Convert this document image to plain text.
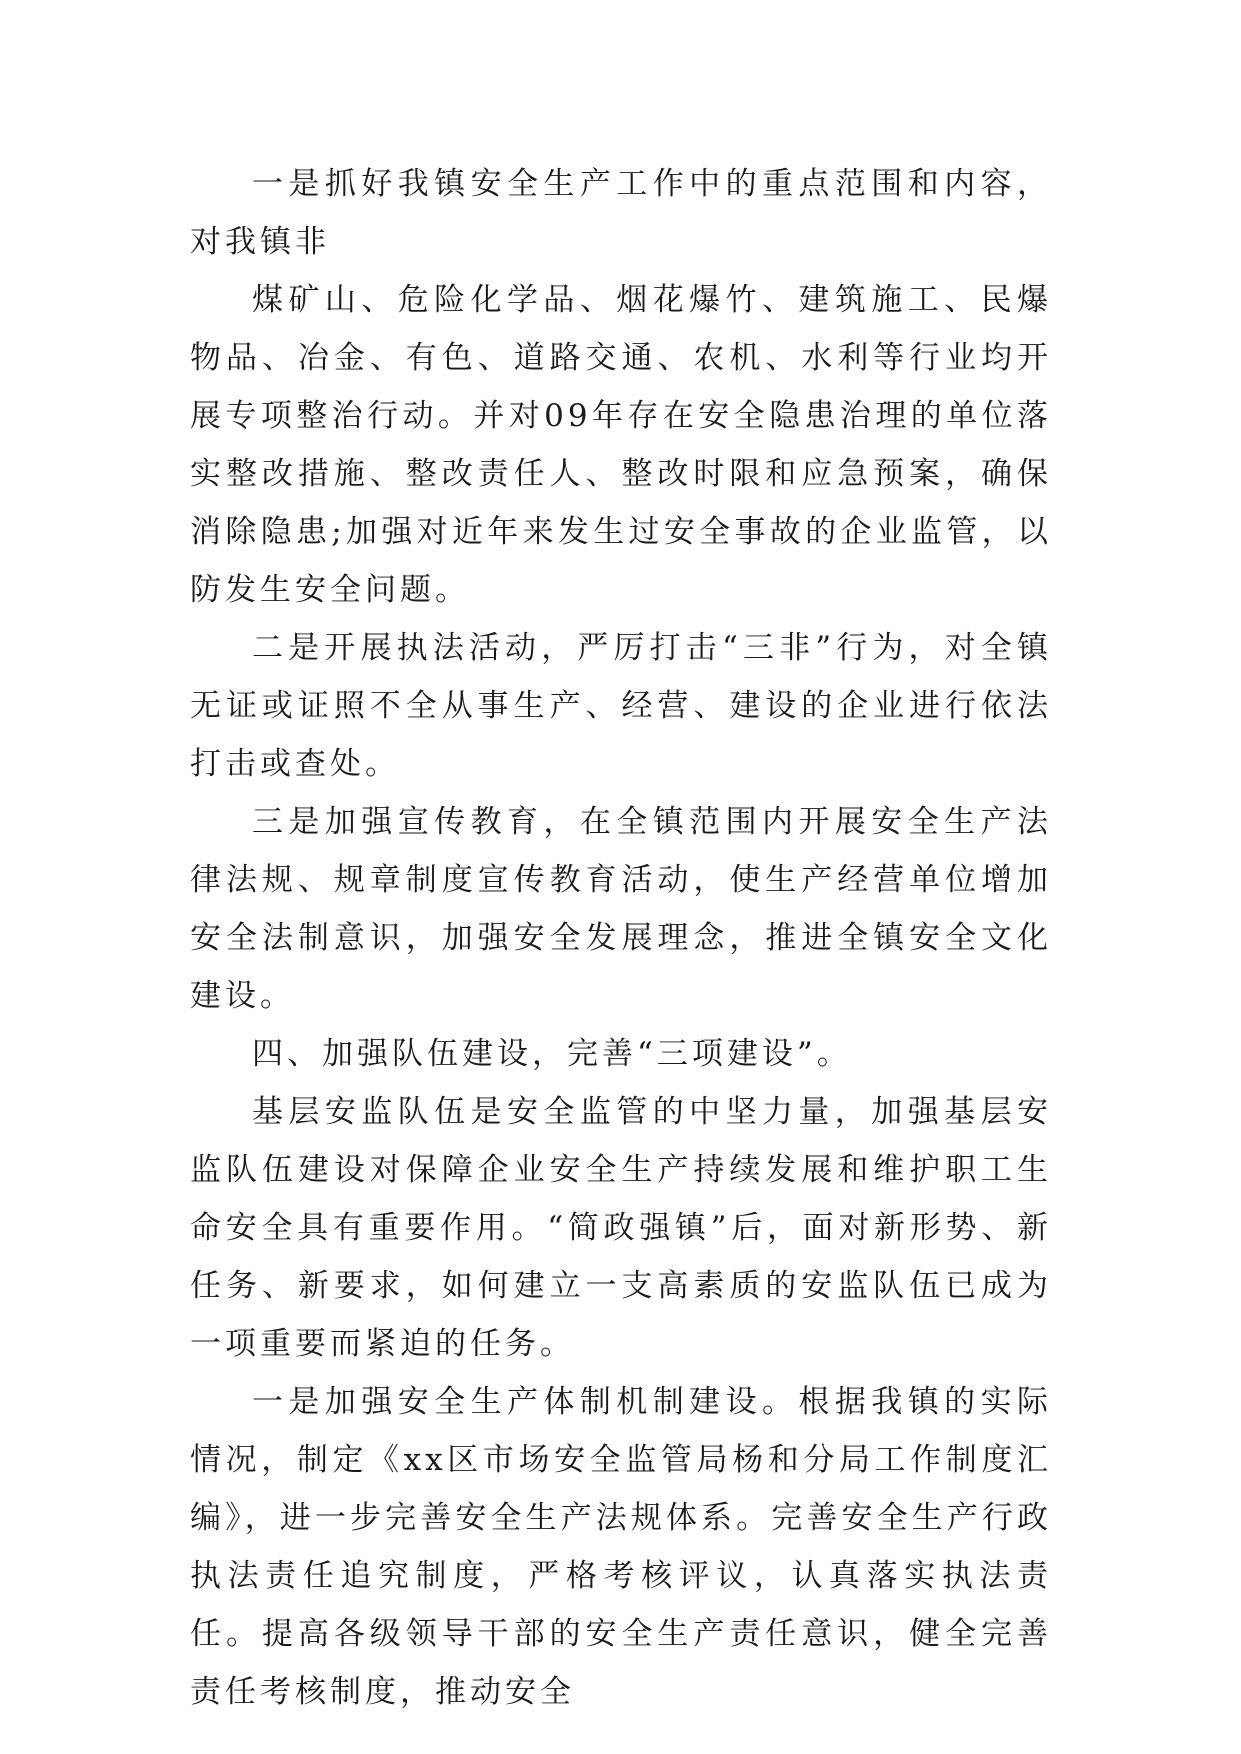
一是抓好我镇安全生产工作中的重点范围和内容，对我镇非

煤矿山、危险化学品、烟花爆竹、建筑施工、民爆物品、冶金、有色、道路交通、农机、水利等行业均开展专项整治行动。并对09年存在安全隐患治理的单位落实整改措施、整改责任人、整改时限和应急预案，确保消除隐患;加强对近年来发生过安全事故的企业监管，以防发生安全问题。

二是开展执法活动，严厉打击“三非”行为，对全镇无证或证照不全从事生产、经营、建设的企业进行依法打击或查处。

三是加强宣传教育，在全镇范围内开展安全生产法律法规、规章制度宣传教育活动，使生产经营单位增加安全法制意识，加强安全发展理念，推进全镇安全文化建设。

四、加强队伍建设，完善“三项建设”。

基层安监队伍是安全监管的中坚力量，加强基层安监队伍建设对保障企业安全生产持续发展和维护职工生命安全具有重要作用。“简政强镇”后，面对新形势、新任务、新要求，如何建立一支高素质的安监队伍已成为一项重要而紧迫的任务。

一是加强安全生产体制机制建设。根据我镇的实际情况，制定《xx区市场安全监管局杨和分局工作制度汇编》，进一步完善安全生产法规体系。完善安全生产行政执法责任追究制度，严格考核评议，认真落实执法责任。提高各级领导干部的安全生产责任意识，健全完善责任考核制度，推动安全
